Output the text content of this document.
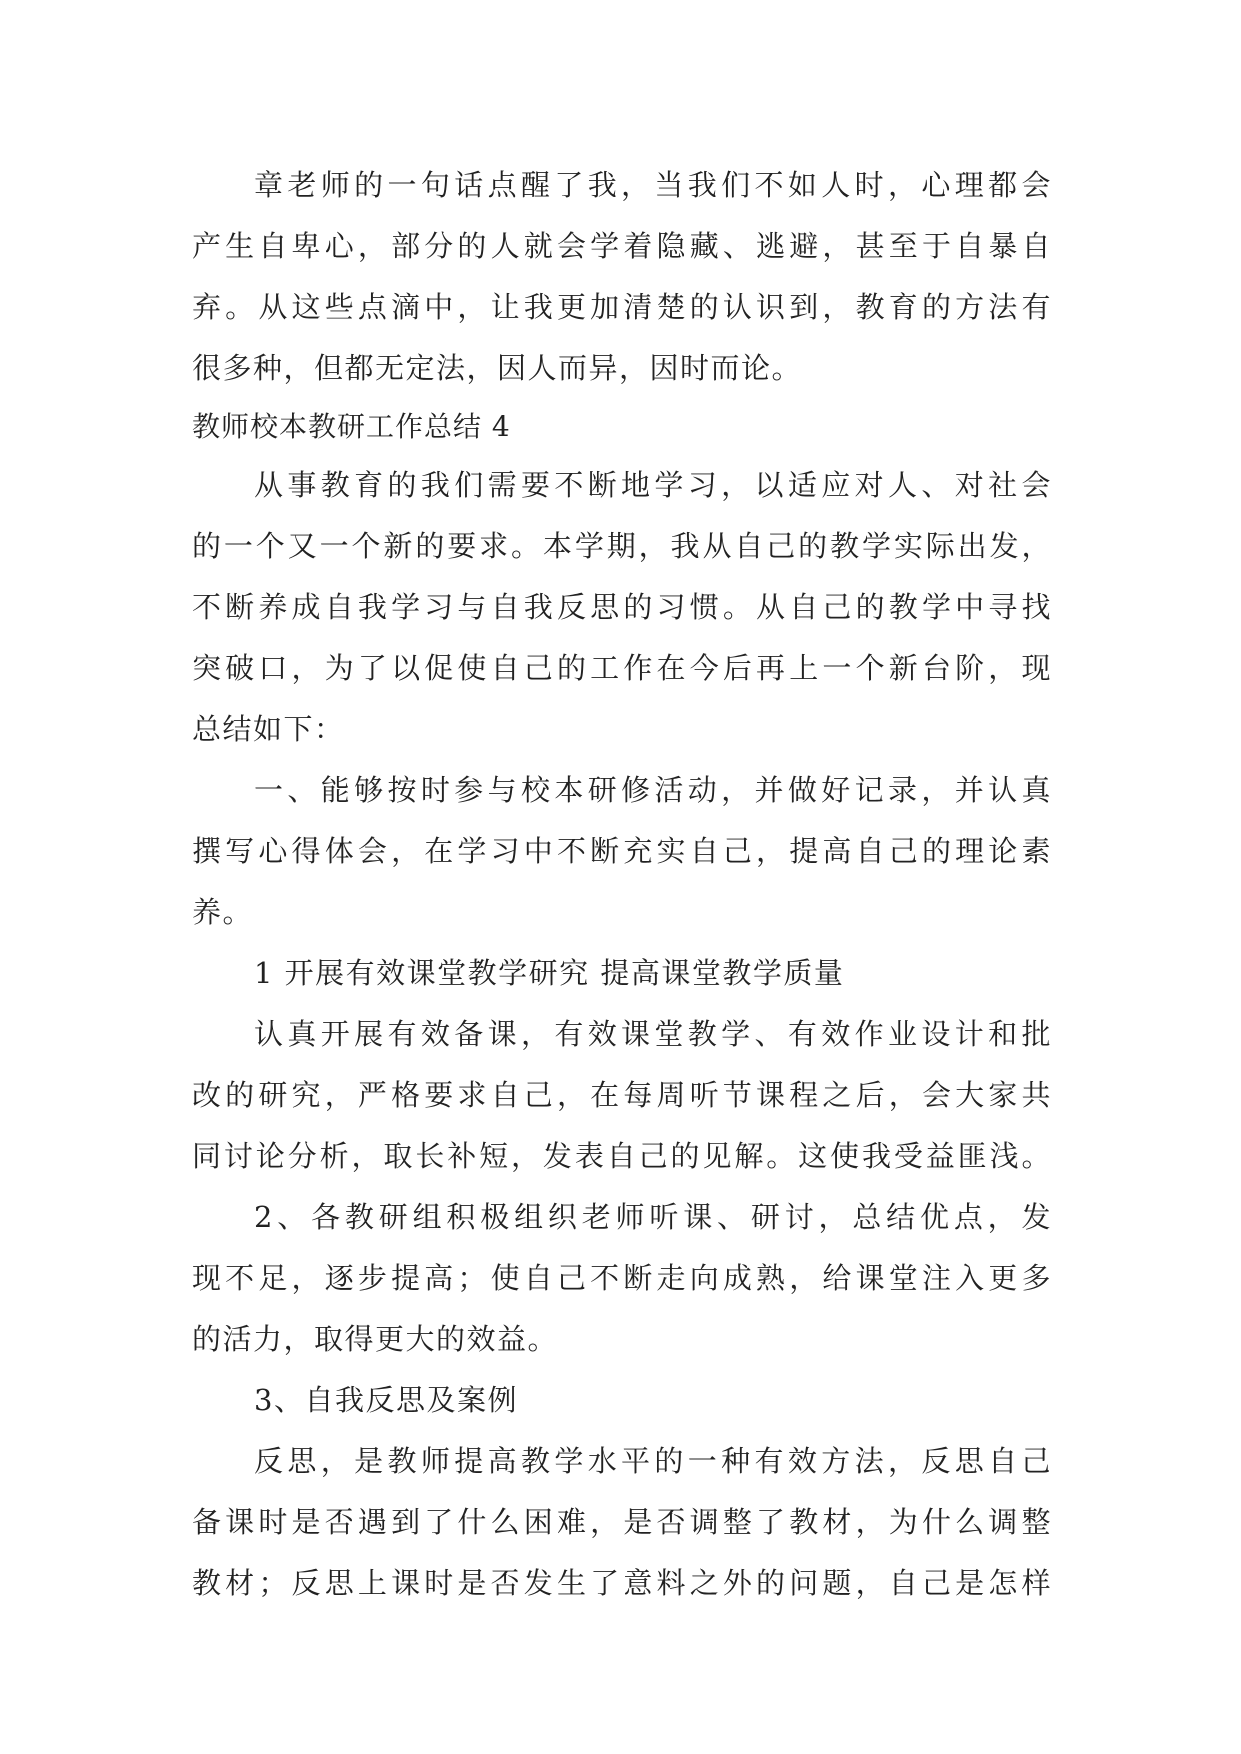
章老师的一句话点醒了我，当我们不如人时，心理都会
产生自卑心，部分的人就会学着隐藏、逃避，甚至于自暴自
弃。从这些点滴中，让我更加清楚的认识到，教育的方法有
很多种，但都无定法，因人而异，因时而论。
教师校本教研工作总结 4
从事教育的我们需要不断地学习，以适应对人、对社会
的一个又一个新的要求。本学期，我从自己的教学实际出发，
不断养成自我学习与自我反思的习惯。从自己的教学中寻找
突破口，为了以促使自己的工作在今后再上一个新台阶，现
总结如下：
一、能够按时参与校本研修活动，并做好记录，并认真
撰写心得体会，在学习中不断充实自己，提高自己的理论素
养。
1 开展有效课堂教学研究 提高课堂教学质量
认真开展有效备课，有效课堂教学、有效作业设计和批
改的研究，严格要求自己，在每周听节课程之后，会大家共
同讨论分析，取长补短，发表自己的见解。这使我受益匪浅。
2、各教研组积极组织老师听课、研讨，总结优点，发
现不足，逐步提高；使自己不断走向成熟，给课堂注入更多
的活力，取得更大的效益。
3、自我反思及案例
反思，是教师提高教学水平的一种有效方法，反思自己
备课时是否遇到了什么困难，是否调整了教材，为什么调整
教材；反思上课时是否发生了意料之外的问题，自己是怎样
